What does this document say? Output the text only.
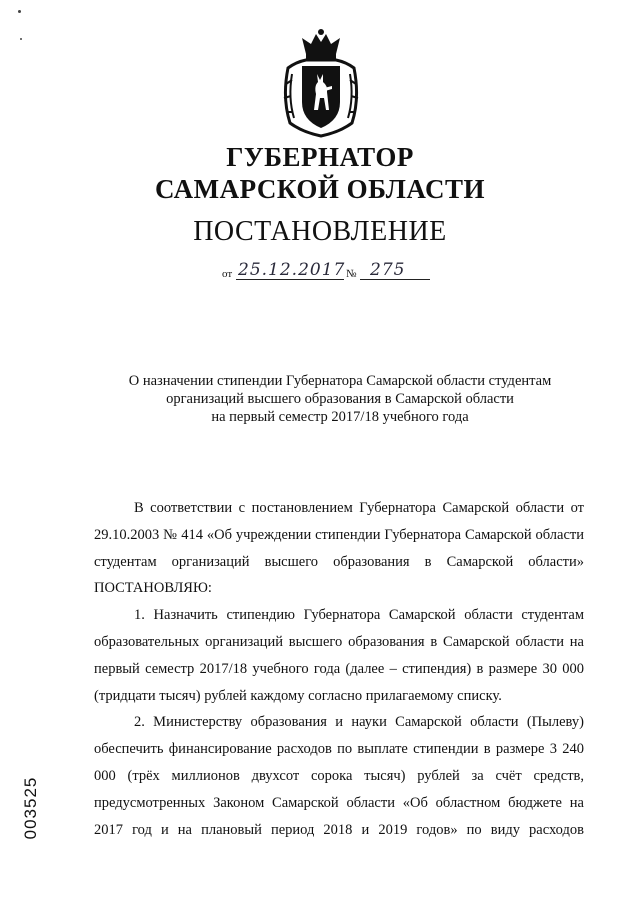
ГУБЕРНАТОР
САМАРСКОЙ ОБЛАСТИ
ПОСТАНОВЛЕНИЕ
от 25.12.2017 № 275
О назначении стипендии Губернатора Самарской области студентам
организаций высшего образования в Самарской области
на первый семестр 2017/18 учебного года

В соответствии с постановлением Губернатора Самарской области от 29.10.2003 № 414 «Об учреждении стипендии Губернатора Самарской области студентам организаций высшего образования в Самарской области» ПОСТАНОВЛЯЮ:

1. Назначить стипендию Губернатора Самарской области студентам образовательных организаций высшего образования в Самарской области на первый семестр 2017/18 учебного года (далее – стипендия) в размере 30 000 (тридцати тысяч) рублей каждому согласно прилагаемому списку.

2. Министерству образования и науки Самарской области (Пылеву) обеспечить финансирование расходов по выплате стипендии в размере 3 240 000 (трёх миллионов двухсот сорока тысяч) рублей за счёт средств, предусмотренных Законом Самарской области «Об областном бюджете на 2017 год и на плановый период 2018 и 2019 годов» по виду расходов

003525
